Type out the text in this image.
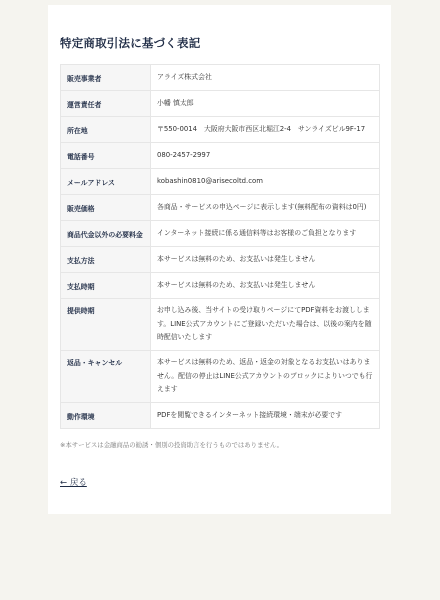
特定商取引法に基づく表記
販売事業者	アライズ株式会社
運営責任者	小幡 慎太郎
所在地	〒550-0014　大阪府大阪市西区北堀江2-4　サンライズビル9F-17
電話番号	080-2457-2997
メールアドレス	kobashin0810@arisecoltd.com
販売価格	各商品・サービスの申込ページに表示します(無料配布の資料は0円)
商品代金以外の必要料金	インターネット接続に係る通信料等はお客様のご負担となります
支払方法	本サービスは無料のため、お支払いは発生しません
支払時期	本サービスは無料のため、お支払いは発生しません
提供時期	お申し込み後、当サイトの受け取りページにてPDF資料をお渡しします。LINE公式アカウントにご登録いただいた場合は、以後の案内を随時配信いたします
返品・キャンセル	本サービスは無料のため、返品・返金の対象となるお支払いはありません。配信の停止はLINE公式アカウントのブロックによりいつでも行えます
動作環境	PDFを閲覧できるインターネット接続環境・端末が必要です
※本サービスは金融商品の勧誘・個別の投資助言を行うものではありません。
← 戻る
